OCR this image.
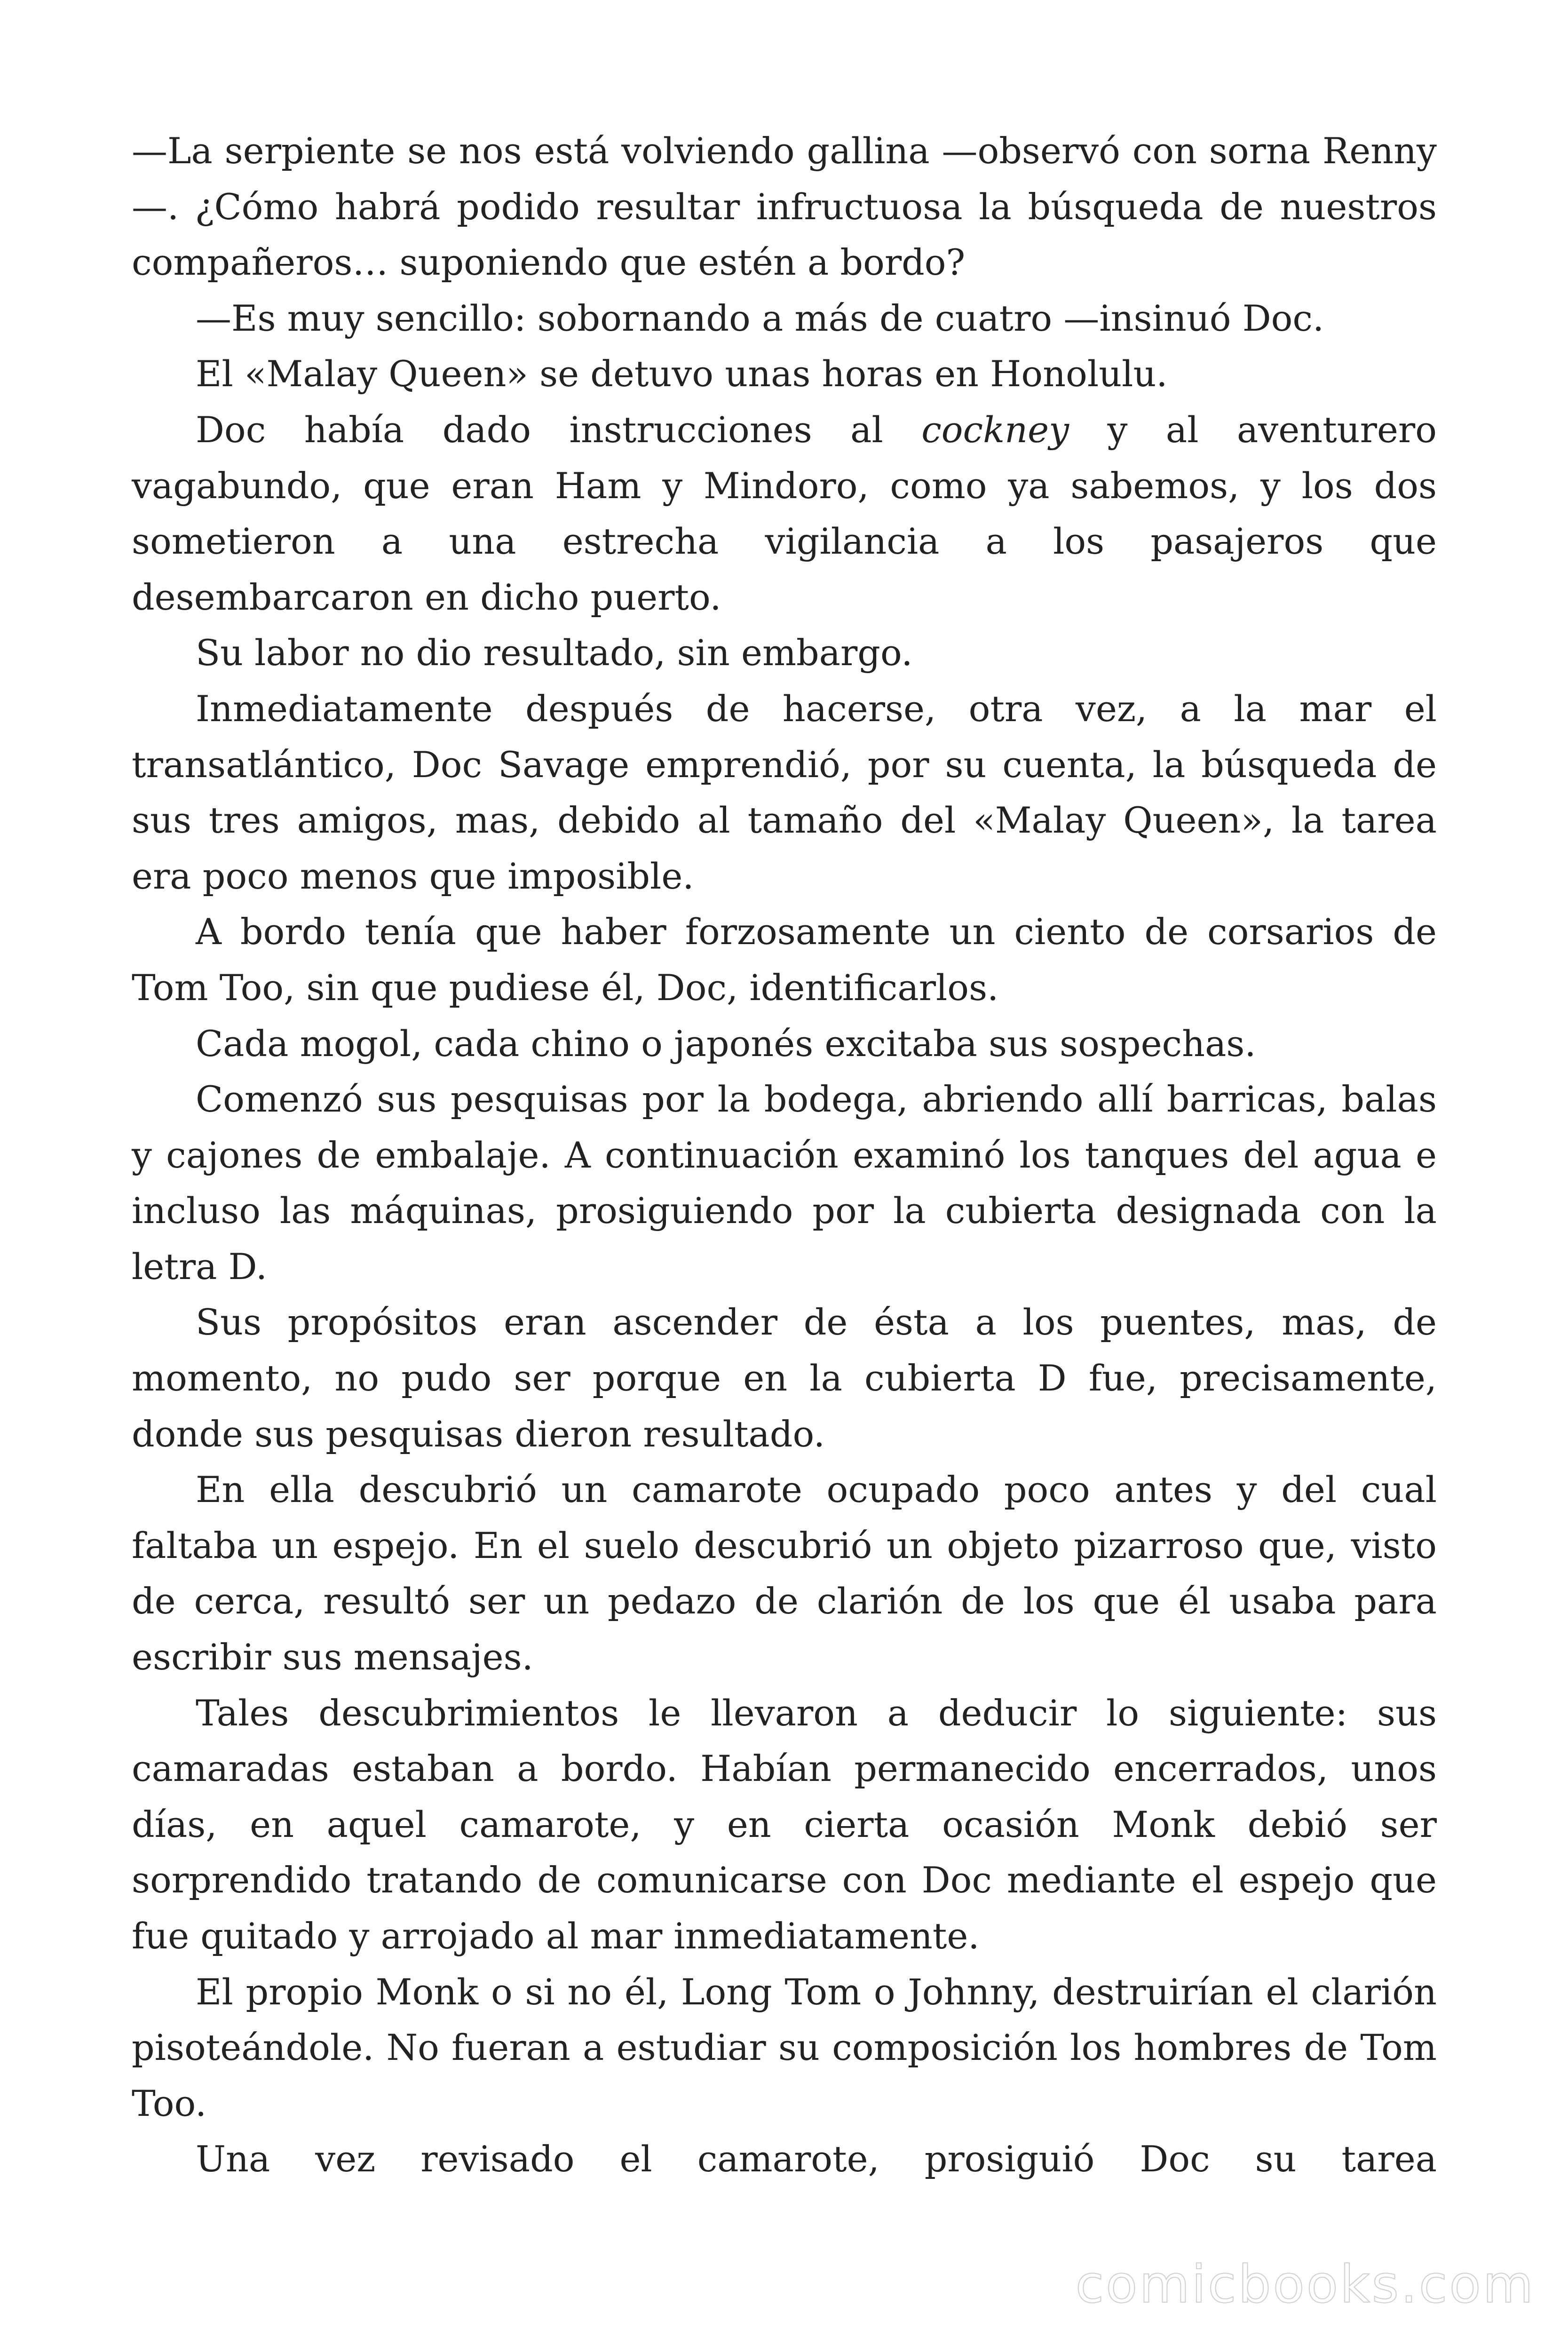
—La serpiente se nos está volviendo gallina —observó con sorna Renny—. ¿Cómo habrá podido resultar infructuosa la búsqueda de nuestros compañeros… suponiendo que estén a bordo?

—Es muy sencillo: sobornando a más de cuatro —insinuó Doc.

El «Malay Queen» se detuvo unas horas en Honolulu.

Doc había dado instrucciones al cockney y al aventurero vagabundo, que eran Ham y Mindoro, como ya sabemos, y los dos sometieron a una estrecha vigilancia a los pasajeros que desembarcaron en dicho puerto.

Su labor no dio resultado, sin embargo.

Inmediatamente después de hacerse, otra vez, a la mar el transatlántico, Doc Savage emprendió, por su cuenta, la búsqueda de sus tres amigos, mas, debido al tamaño del «Malay Queen», la tarea era poco menos que imposible.

A bordo tenía que haber forzosamente un ciento de corsarios de Tom Too, sin que pudiese él, Doc, identificarlos.

Cada mogol, cada chino o japonés excitaba sus sospechas.

Comenzó sus pesquisas por la bodega, abriendo allí barricas, balas y cajones de embalaje. A continuación examinó los tanques del agua e incluso las máquinas, prosiguiendo por la cubierta designada con la letra D.

Sus propósitos eran ascender de ésta a los puentes, mas, de momento, no pudo ser porque en la cubierta D fue, precisamente, donde sus pesquisas dieron resultado.

En ella descubrió un camarote ocupado poco antes y del cual faltaba un espejo. En el suelo descubrió un objeto pizarroso que, visto de cerca, resultó ser un pedazo de clarión de los que él usaba para escribir sus mensajes.

Tales descubrimientos le llevaron a deducir lo siguiente: sus camaradas estaban a bordo. Habían permanecido encerrados, unos días, en aquel camarote, y en cierta ocasión Monk debió ser sorprendido tratando de comunicarse con Doc mediante el espejo que fue quitado y arrojado al mar inmediatamente.

El propio Monk o si no él, Long Tom o Johnny, destruirían el clarión pisoteándole. No fueran a estudiar su composición los hombres de Tom Too.

Una vez revisado el camarote, prosiguió Doc su tarea

comicbooks.com
